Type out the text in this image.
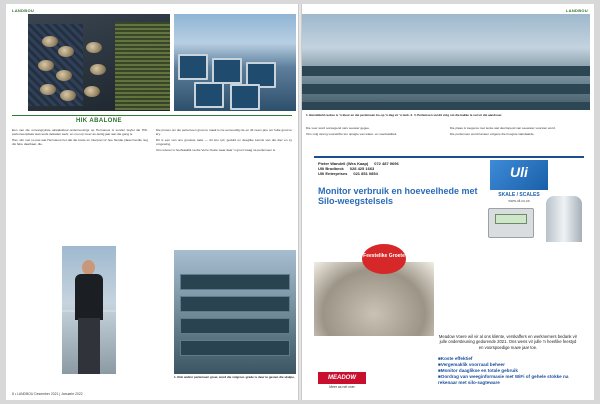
LANDBOU
HIK ABALONE

Een van die omvangrykste akwakultuur-ondernemings op Hermanus is sonder twyfel die HIK-perlemoenplaas wat reeds dekades werk, en nou op meer as dertig jaar aan die gang is.

Hier, slin met so pas wat Hermanus het dat die koste en interpret vir hoe hierdie plaas hierdie nog dis hêre daarbaar, die.

Die proses om die perlemoen groot te maak is nie eenvoudig nie en dit neem jare om hulle groot te kry.

Dit is een van ons grootste sake — dit kos tyd, geduld en deeglike kennis van die dier en sy omgewing.

Ons uitvoer is hoofsaaklik na die Verre Ooste waar daar 'n groot vraag na perlemoen is.

1. Rob and/or perlemoen groei, word die volgroei- grade is deur te gesien die skulpe.
8 • LANDBOU Desember 2021 | Januarie 2022
LANDBOU
1. Bemiddeld reekse is 'n kleur en die perlemoen bo-op 'n dag vir 'n tenk. 2. 'n Perlemoen sal dit volg om die bakke te vul vir die aandvoer.

Die voer word oorwegend vars seewier gegee.

Ons volg streng voorskrifte ten opsigte van water- en voerkwaliteit.

Die plaas is toegerus met tenke wat deurlopend van seewater voorsien word.

Die perlemoen word hanteer volgens die hoogste standaarde.

Pieter Wandell (Wes Kaap) 072 487 9696
Ulli Brodbeck 028 425 1663
Ulli Enterprises 021 851 0854	Uli
SKALE / SCALES
www.uli.co.za
Monitor verbruik en hoeveelhede met Silo-weegstelsels
Feestelike Groete
Meadow Voere wil vir al ons kliënte, verskaffers en werknemers bedank vir julle ondersteuning gedurende 2021. Ons wens vir julle 'n heerlike feestyd en voorspoedige nuwe jaar toe.
MEADOW
Meer as net voer
■ Koste effektief
■ Vergemaklik voorraad beheer
■ Monitor daaglikse en totale gebruik
■ Oordrag van weeginformasie met WiFi of gehele stokke na rekenaar met silo-sagteware
